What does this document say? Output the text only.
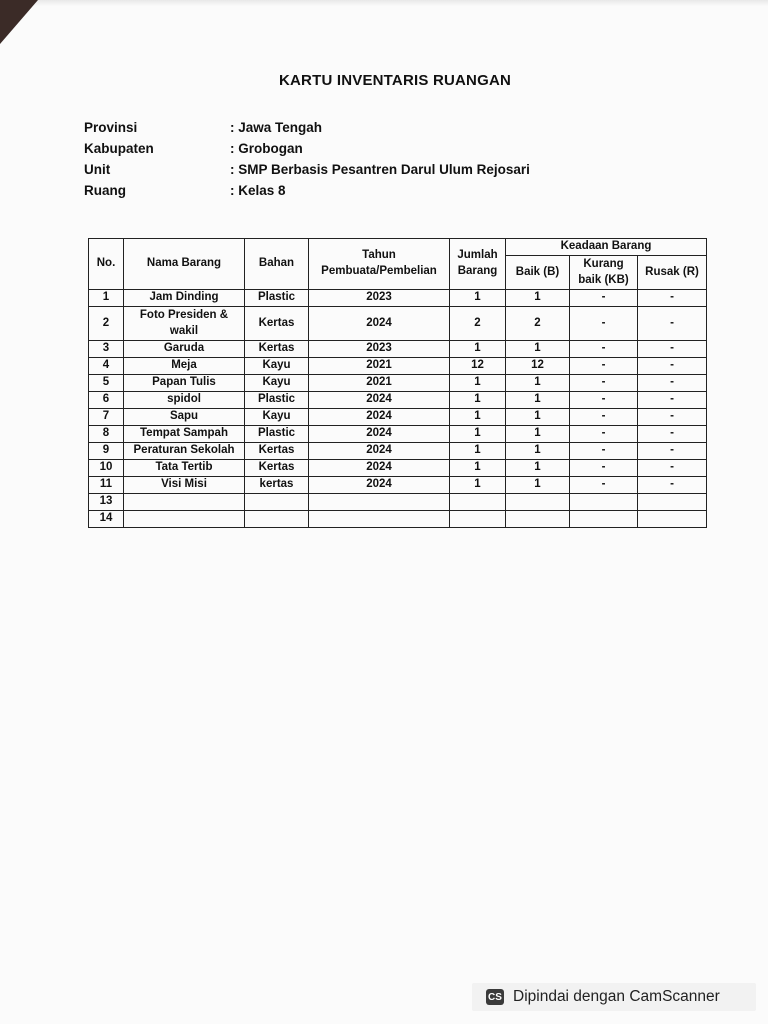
KARTU INVENTARIS RUANGAN
Provinsi	: Jawa Tengah
Kabupaten	: Grobogan
Unit	: SMP Berbasis Pesantren Darul Ulum Rejosari
Ruang	: Kelas 8
No.	Nama Barang	Bahan	Tahun Pembuata/Pembelian	Jumlah Barang	Keadaan Barang		
					Baik (B)	Kurang baik (KB)	Rusak (R)
1	Jam Dinding	Plastic	2023	1	1	-	-
2	Foto Presiden & wakil	Kertas	2024	2	2	-	-
3	Garuda	Kertas	2023	1	1	-	-
4	Meja	Kayu	2021	12	12	-	-
5	Papan Tulis	Kayu	2021	1	1	-	-
6	spidol	Plastic	2024	1	1	-	-
7	Sapu	Kayu	2024	1	1	-	-
8	Tempat Sampah	Plastic	2024	1	1	-	-
9	Peraturan Sekolah	Kertas	2024	1	1	-	-
10	Tata Tertib	Kertas	2024	1	1	-	-
11	Visi Misi	kertas	2024	1	1	-	-
13							
14							
CS Dipindai dengan CamScanner
